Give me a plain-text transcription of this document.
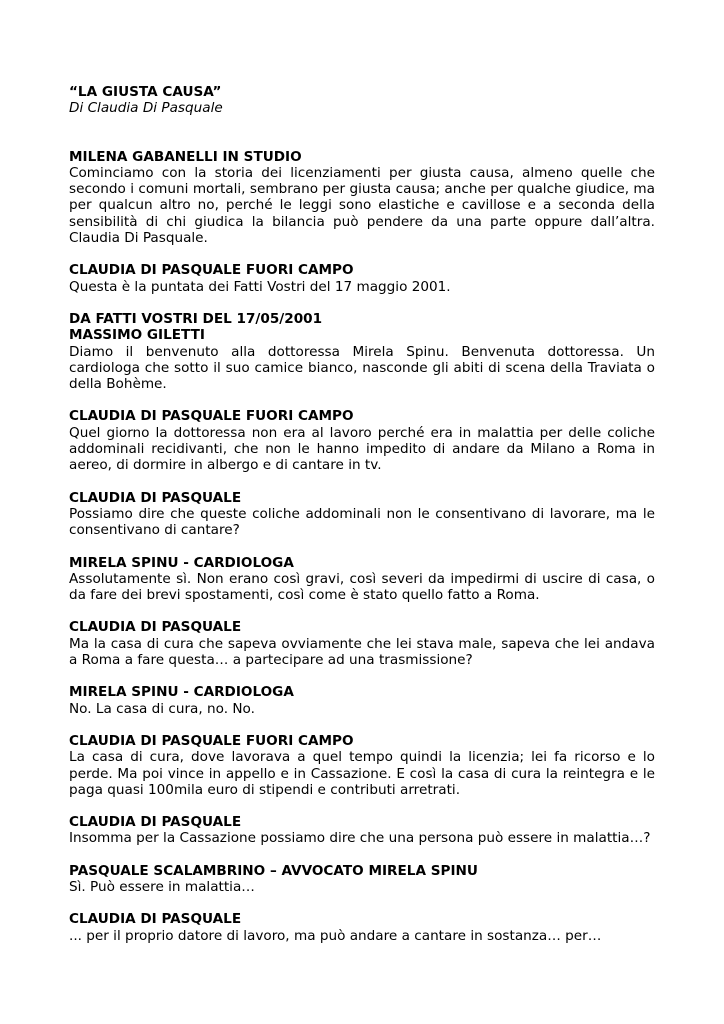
“LA GIUSTA CAUSA”
Di Claudia Di Pasquale
MILENA GABANELLI IN STUDIO
Cominciamo con la storia dei licenziamenti per giusta causa, almeno quelle che secondo i comuni mortali, sembrano per giusta causa; anche per qualche giudice, ma per qualcun altro no, perché le leggi sono elastiche e cavillose e a seconda della sensibilità di chi giudica la bilancia può pendere da una parte oppure dall’altra. Claudia Di Pasquale.
CLAUDIA DI PASQUALE FUORI CAMPO
Questa è la puntata dei Fatti Vostri del 17 maggio 2001.
DA FATTI VOSTRI DEL 17/05/2001
MASSIMO GILETTI
Diamo il benvenuto alla dottoressa Mirela Spinu. Benvenuta dottoressa. Un cardiologa che sotto il suo camice bianco, nasconde gli abiti di scena della Traviata o della Bohème.
CLAUDIA DI PASQUALE FUORI CAMPO
Quel giorno la dottoressa non era al lavoro perché era in malattia per delle coliche addominali recidivanti, che non le hanno impedito di andare da Milano a Roma in aereo, di dormire in albergo e di cantare in tv.
CLAUDIA DI PASQUALE
Possiamo dire che queste coliche addominali non le consentivano di lavorare, ma le consentivano di cantare?
MIRELA SPINU - CARDIOLOGA
Assolutamente sì. Non erano così gravi, così severi da impedirmi di uscire di casa, o da fare dei brevi spostamenti, così come è stato quello fatto a Roma.
CLAUDIA DI PASQUALE
Ma la casa di cura che sapeva ovviamente che lei stava male, sapeva che lei andava a Roma a fare questa… a partecipare ad una trasmissione?
MIRELA SPINU - CARDIOLOGA
No. La casa di cura, no. No.
CLAUDIA DI PASQUALE FUORI CAMPO
La casa di cura, dove lavorava a quel tempo quindi la licenzia; lei fa ricorso e lo perde. Ma poi vince in appello e in Cassazione. E così la casa di cura la reintegra e le paga quasi 100mila euro di stipendi e contributi arretrati.
CLAUDIA DI PASQUALE
Insomma per la Cassazione possiamo dire che una persona può essere in malattia…?
PASQUALE SCALAMBRINO – AVVOCATO MIRELA SPINU
Sì. Può essere in malattia…
CLAUDIA DI PASQUALE
... per il proprio datore di lavoro, ma può andare a cantare in sostanza… per…
